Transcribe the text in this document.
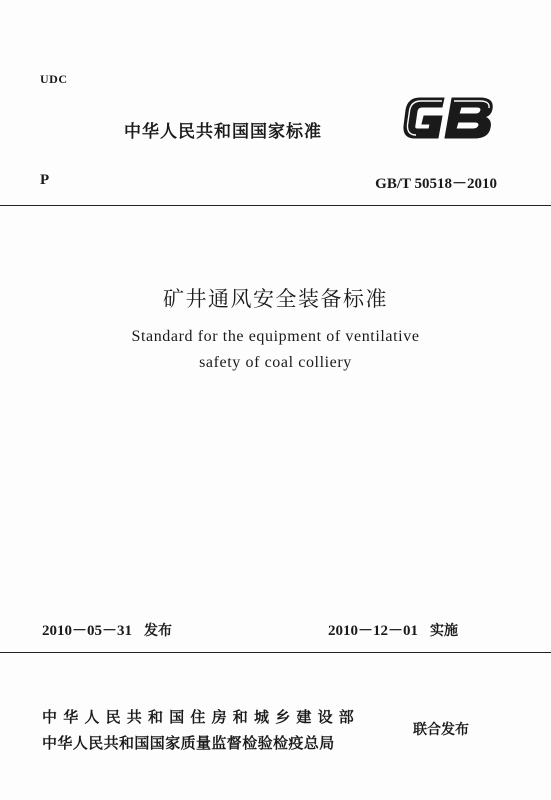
UDC
中华人民共和国国家标准
P	GB/T 50518－2010
矿井通风安全装备标准
Standard for the equipment of ventilative
safety of coal colliery
2010－05－31 发布	2010－12－01 实施
中华人民共和国住房和城乡建设部
中华人民共和国国家质量监督检验检疫总局
联合发布
